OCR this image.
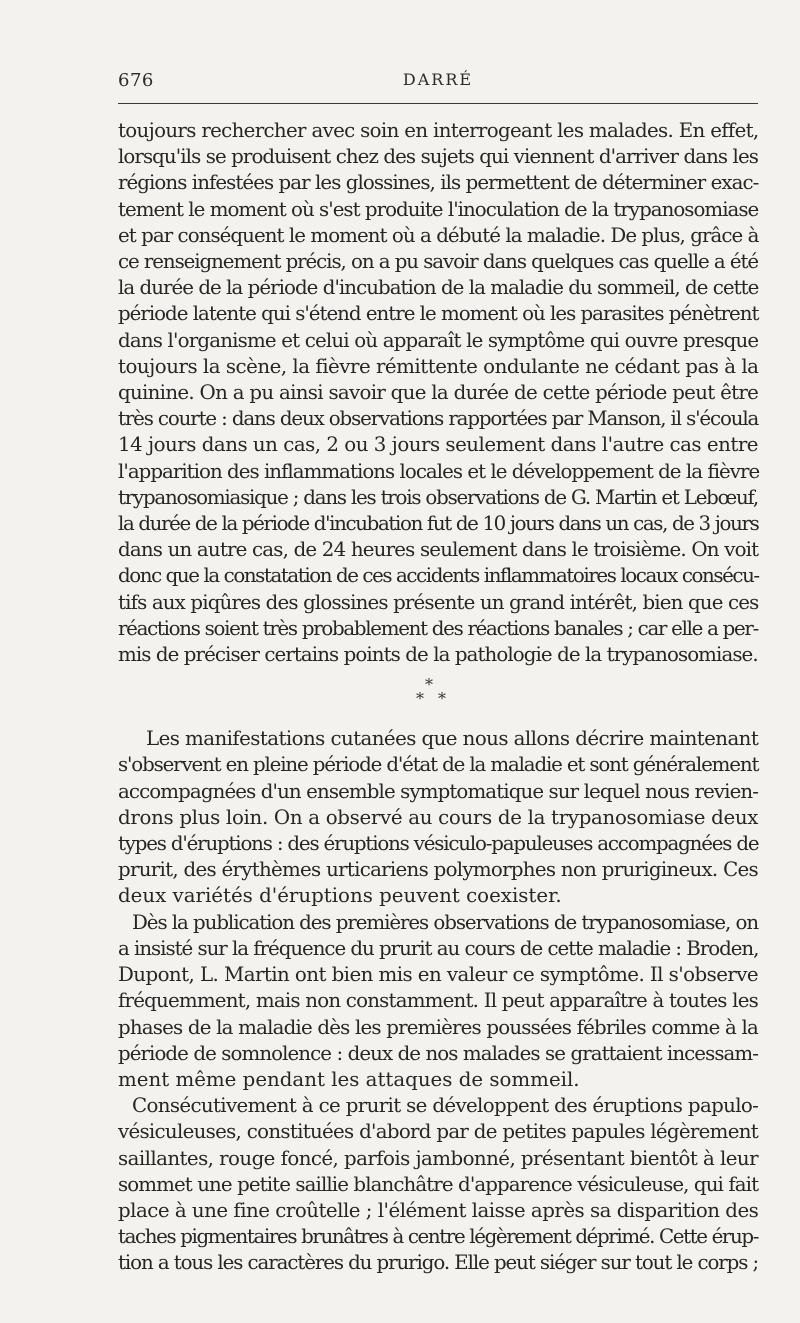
676	DARRÉ

toujours rechercher avec soin en interrogeant les malades. En effet,
lorsqu'ils se produisent chez des sujets qui viennent d'arriver dans les
régions infestées par les glossines, ils permettent de déterminer exac-
tement le moment où s'est produite l'inoculation de la trypanosomiase
et par conséquent le moment où a débuté la maladie. De plus, grâce à
ce renseignement précis, on a pu savoir dans quelques cas quelle a été
la durée de la période d'incubation de la maladie du sommeil, de cette
période latente qui s'étend entre le moment où les parasites pénètrent
dans l'organisme et celui où apparaît le symptôme qui ouvre presque
toujours la scène, la fièvre rémittente ondulante ne cédant pas à la
quinine. On a pu ainsi savoir que la durée de cette période peut être
très courte : dans deux observations rapportées par Manson, il s'écoula
14 jours dans un cas, 2 ou 3 jours seulement dans l'autre cas entre
l'apparition des inflammations locales et le développement de la fièvre
trypanosomiasique ; dans les trois observations de G. Martin et Lebœuf,
la durée de la période d'incubation fut de 10 jours dans un cas, de 3 jours
dans un autre cas, de 24 heures seulement dans le troisième. On voit
donc que la constatation de ces accidents inflammatoires locaux consécu-
tifs aux piqûres des glossines présente un grand intérêt, bien que ces
réactions soient très probablement des réactions banales ; car elle a per-
mis de préciser certains points de la pathologie de la trypanosomiase.

*
* *

Les manifestations cutanées que nous allons décrire maintenant
s'observent en pleine période d'état de la maladie et sont généralement
accompagnées d'un ensemble symptomatique sur lequel nous revien-
drons plus loin. On a observé au cours de la trypanosomiase deux
types d'éruptions : des éruptions vésiculo-papuleuses accompagnées de
prurit, des érythèmes urticariens polymorphes non prurigineux. Ces
deux variétés d'éruptions peuvent coexister.

Dès la publication des premières observations de trypanosomiase, on
a insisté sur la fréquence du prurit au cours de cette maladie : Broden,
Dupont, L. Martin ont bien mis en valeur ce symptôme. Il s'observe
fréquemment, mais non constamment. Il peut apparaître à toutes les
phases de la maladie dès les premières poussées fébriles comme à la
période de somnolence : deux de nos malades se grattaient incessam-
ment même pendant les attaques de sommeil.

Consécutivement à ce prurit se développent des éruptions papulo-
vésiculeuses, constituées d'abord par de petites papules légèrement
saillantes, rouge foncé, parfois jambonné, présentant bientôt à leur
sommet une petite saillie blanchâtre d'apparence vésiculeuse, qui fait
place à une fine croûtelle ; l'élément laisse après sa disparition des
taches pigmentaires brunâtres à centre légèrement déprimé. Cette érup-
tion a tous les caractères du prurigo. Elle peut siéger sur tout le corps ;
